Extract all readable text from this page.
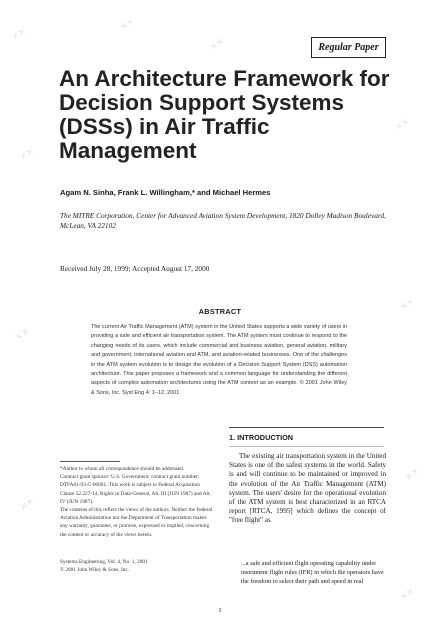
Regular Paper
An Architecture Framework for Decision Support Systems (DSSs) in Air Traffic Management
Agam N. Sinha, Frank L. Willingham,* and Michael Hermes
The MITRE Corporation, Center for Advanced Aviation System Development, 1820 Dolley Madison Boulevard, McLean, VA 22102
Received July 28, 1999; Accepted August 17, 2000
ABSTRACT
The current Air Traffic Management (ATM) system in the United States supports a wide variety of users in providing a safe and efficient air transportation system. The ATM system must continue to respond to the changing needs of its users, which include commercial and business aviation, general aviation, military and government, international aviation and ATM, and aviation-related businesses. One of the challenges in the ATM system evolution is to design the evolution of a Decision Support System (DSS) automation architecture. This paper proposes a framework and a common language for understanding the different aspects of complex automation architectures using the ATM context as an example. © 2001 John Wiley & Sons, Inc. Syst Eng 4: 1–12, 2001
1. INTRODUCTION
The existing air transportation system in the United States is one of the safest systems in the world. Safety is and will continue to be maintained or improved in the evolution of the Air Traffic Management (ATM) system. The users' desire for the operational evolution of the ATM system is best characterized in an RTCA report [RTCA, 1995] which defines the concept of "free flight" as
...a safe and efficient flight operating capability under instrument flight rules (IFR) in which the operators have the freedom to select their path and speed in real
*Author to whom all correspondence should be addressed.
Contract grant sponsor: U.S. Government; contract grant number: DTFA01-93-C-00001. This work is subject to Federal Acquisition Clause 52.227-14, Rights in Data-General, Alt. III (JUN 1987) and Alt. IV (JUN 1987).
The contents of this reflect the views of the authors. Neither the Federal Aviation Administration nor the Department of Transportation makes any warranty, guarantee, or promise, expressed or implied, concerning the content or accuracy of the views herein.
Systems Engineering, Vol. 4, No. 1, 2001
© 2001 John Wiley & Sons, Inc.
1
✕✕
✕✕
✕✕
✕✕
✕✕
✕✕
✕✕
✕✕
✕✕
✕✕
